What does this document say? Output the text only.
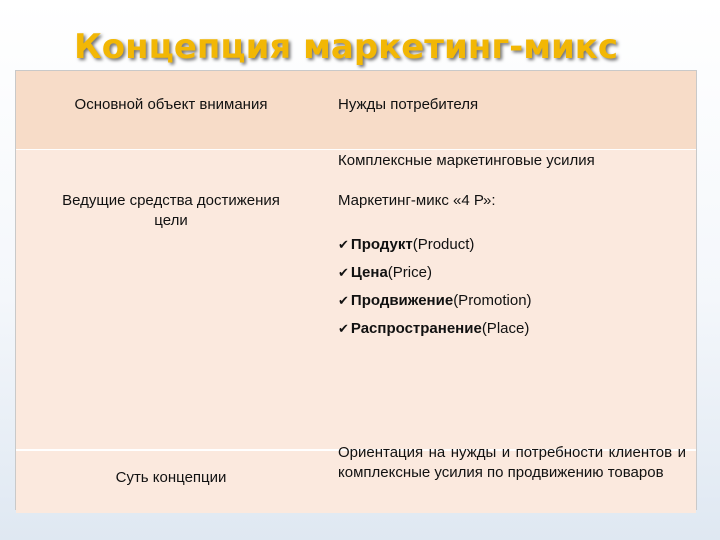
Концепция маркетинг-микс
Основной объект внимания	Нужды потребителя
Ведущие средства достижения
цели
Комплексные маркетинговые усилия
Маркетинг-микс «4 Р»:
✔ Продукт(Product)
✔ Цена(Price)
✔ Продвижение(Promotion)
✔ Распространение(Place)
Суть концепции
Ориентация на нужды и потребности клиентов и комплексные усилия по продвижению товаров
